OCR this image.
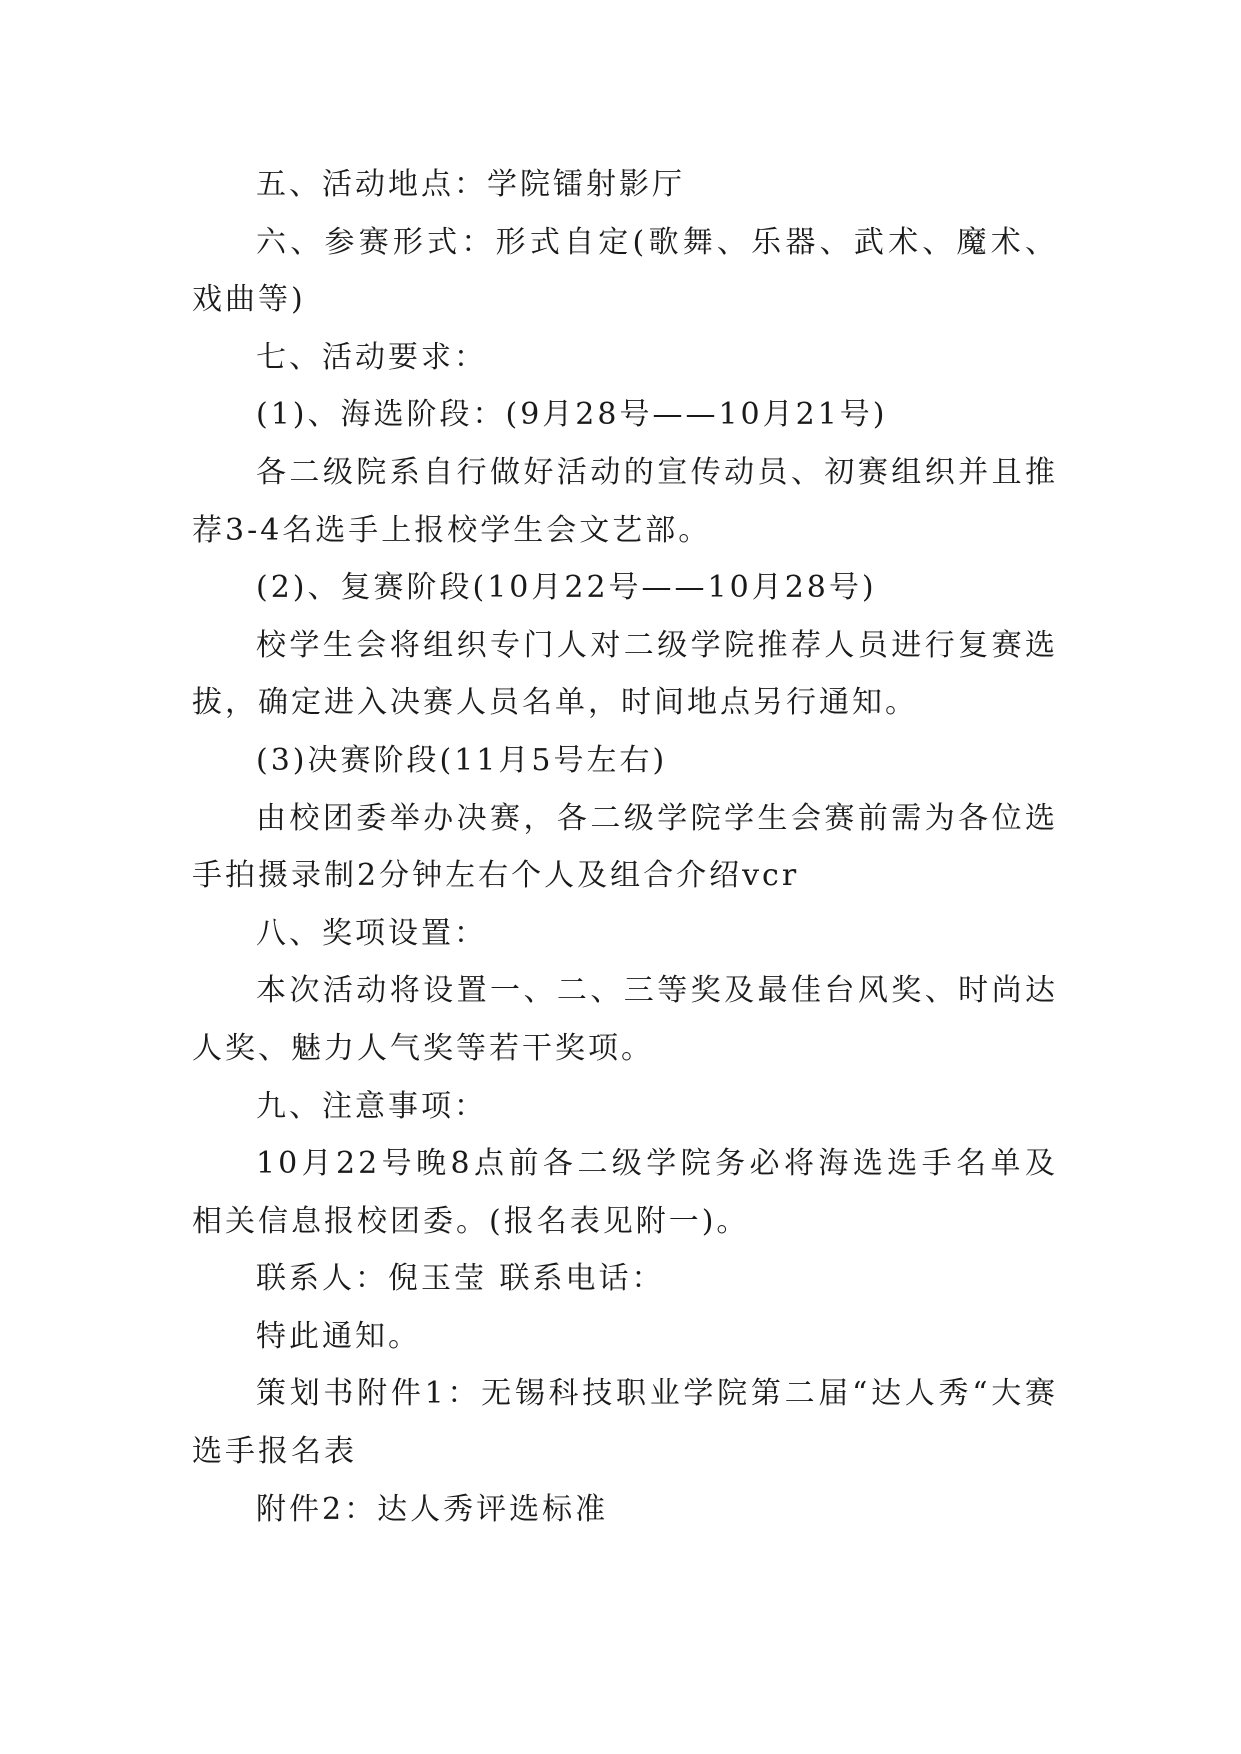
五、活动地点：学院镭射影厅

六、参赛形式：形式自定(歌舞、乐器、武术、魔术、戏曲等)

七、活动要求：

(1)、海选阶段：(9月28号——10月21号)

各二级院系自行做好活动的宣传动员、初赛组织并且推荐3-4名选手上报校学生会文艺部。

(2)、复赛阶段(10月22号——10月28号)

校学生会将组织专门人对二级学院推荐人员进行复赛选拔，确定进入决赛人员名单，时间地点另行通知。

(3)决赛阶段(11月5号左右)

由校团委举办决赛，各二级学院学生会赛前需为各位选手拍摄录制2分钟左右个人及组合介绍vcr

八、奖项设置：

本次活动将设置一、二、三等奖及最佳台风奖、时尚达人奖、魅力人气奖等若干奖项。

九、注意事项：

10月22号晚8点前各二级学院务必将海选选手名单及相关信息报校团委。(报名表见附一)。

联系人：倪玉莹 联系电话：

特此通知。

策划书附件1：无锡科技职业学院第二届“达人秀“大赛选手报名表

附件2：达人秀评选标准
